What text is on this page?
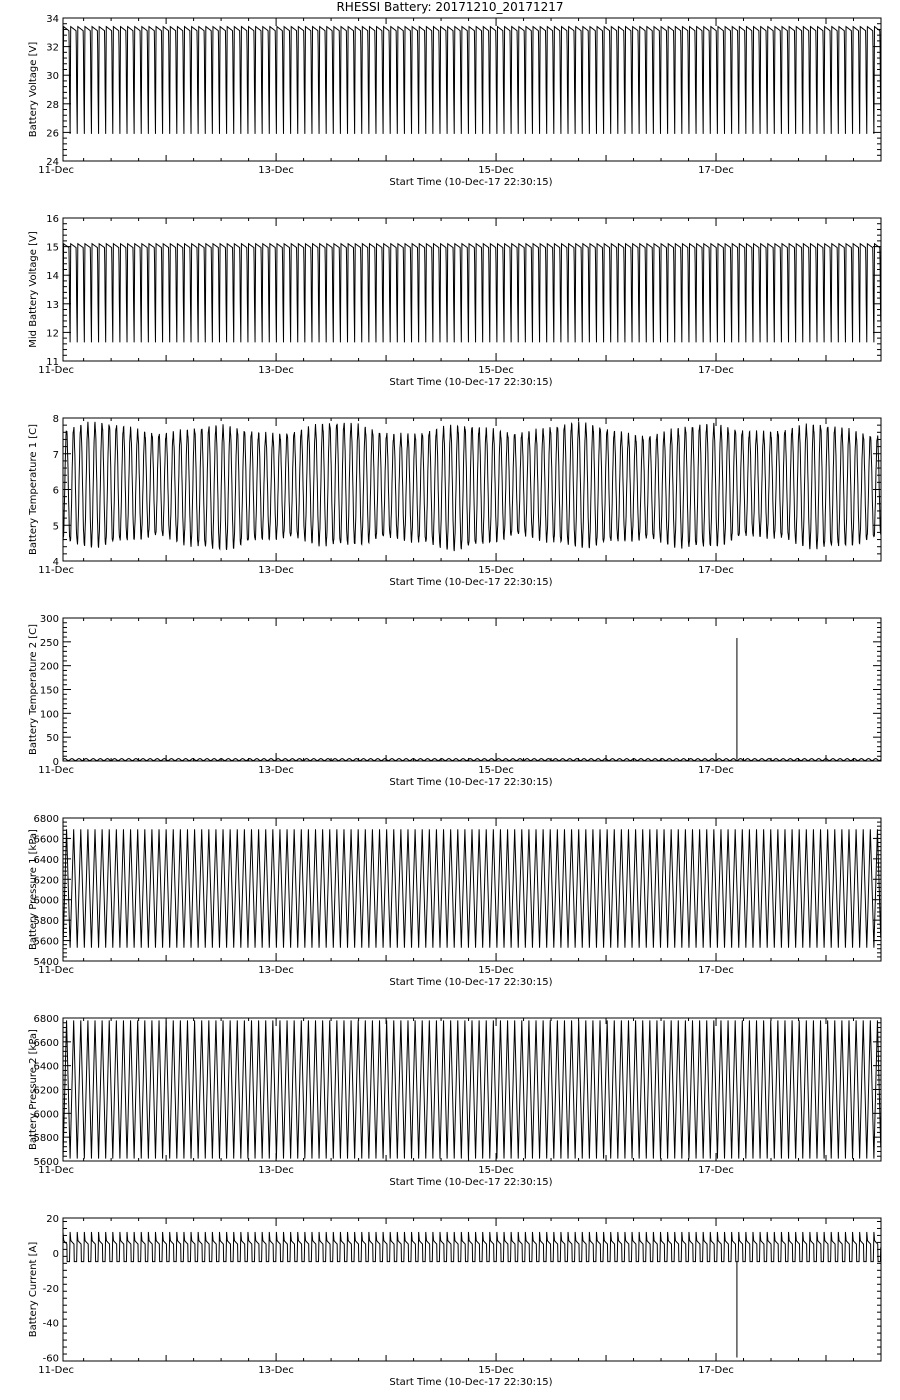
RHESSI Battery: 20171210_20171217
24
26
28
30
32
34
11-Dec	13-Dec	15-Dec	17-Dec
Start Time (10-Dec-17 22:30:15)
Battery Voltage [V]
11
12
13
14
15
16
11-Dec	13-Dec	15-Dec	17-Dec
Start Time (10-Dec-17 22:30:15)
Mid Battery Voltage [V]
4
5
6
7
8
11-Dec	13-Dec	15-Dec	17-Dec
Start Time (10-Dec-17 22:30:15)
Battery Temperature 1 [C]
0
50
100
150
200
250
300
11-Dec	13-Dec	15-Dec	17-Dec
Start Time (10-Dec-17 22:30:15)
Battery Temperature 2 [C]
5400
5600
5800
6000
6200
6400
6600
6800
11-Dec	13-Dec	15-Dec	17-Dec
Start Time (10-Dec-17 22:30:15)
Battery Pressure 1 [kPa]
5600
5800
6000
6200
6400
6600
6800
11-Dec	13-Dec	15-Dec	17-Dec
Start Time (10-Dec-17 22:30:15)
Battery Pressure 2 [kPa]
-60
-40
-20
0
20
11-Dec	13-Dec	15-Dec	17-Dec
Start Time (10-Dec-17 22:30:15)
Battery Current [A]
